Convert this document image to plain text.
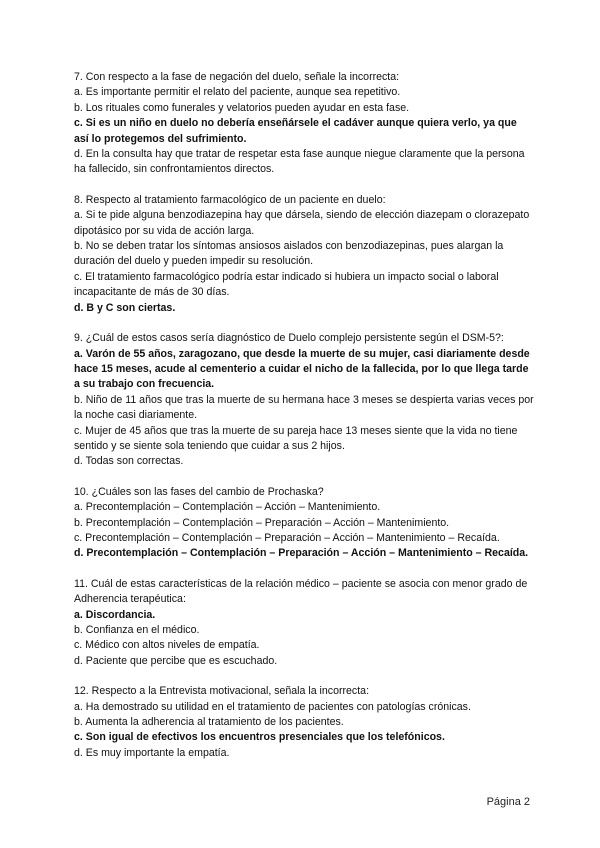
7. Con respecto a la fase de negación del duelo, señale la incorrecta:
a. Es importante permitir el relato del paciente, aunque sea repetitivo.
b. Los rituales como funerales y velatorios pueden ayudar en esta fase.
c. Si es un niño en duelo no debería enseñársele el cadáver aunque quiera verlo, ya que así lo protegemos del sufrimiento.
d. En la consulta hay que tratar de respetar esta fase aunque niegue claramente que la persona ha fallecido, sin confrontamientos directos.
8. Respecto al tratamiento farmacológico de un paciente en duelo:
a. Si te pide alguna benzodiazepina hay que dársela, siendo de elección diazepam o clorazepato dipotásico por su vida de acción larga.
b. No se deben tratar los síntomas ansiosos aislados con benzodiazepinas, pues alargan la duración del duelo y pueden impedir su resolución.
c. El tratamiento farmacológico podría estar indicado si hubiera un impacto social o laboral incapacitante de más de 30 días.
d. B y C son ciertas.
9. ¿Cuál de estos casos sería diagnóstico de Duelo complejo persistente según el DSM-5?:
a. Varón de 55 años, zaragozano, que desde la muerte de su mujer, casi diariamente desde hace 15 meses, acude al cementerio a cuidar el nicho de la fallecida, por lo que llega tarde a su trabajo con frecuencia.
b. Niño de 11 años que tras la muerte de su hermana hace 3 meses se despierta varias veces por la noche casi diariamente.
c. Mujer de 45 años que tras la muerte de su pareja hace 13 meses siente que la vida no tiene sentido y se siente sola teniendo que cuidar a sus 2 hijos.
d. Todas son correctas.
10. ¿Cuáles son las fases del cambio de Prochaska?
a. Precontemplación – Contemplación – Acción – Mantenimiento.
b. Precontemplación – Contemplación – Preparación – Acción – Mantenimiento.
c. Precontemplación – Contemplación – Preparación – Acción – Mantenimiento – Recaída.
d. Precontemplación – Contemplación – Preparación – Acción – Mantenimiento – Recaída.
11. Cuál de estas características de la relación médico – paciente se asocia con menor grado de Adherencia terapéutica:
a. Discordancia.
b. Confianza en el médico.
c. Médico con altos niveles de empatía.
d. Paciente que percibe que es escuchado.
12. Respecto a la Entrevista motivacional, señala la incorrecta:
a. Ha demostrado su utilidad en el tratamiento de pacientes con patologías crónicas.
b. Aumenta la adherencia al tratamiento de los pacientes.
c. Son igual de efectivos los encuentros presenciales que los telefónicos.
d. Es muy importante la empatía.
Página 2
